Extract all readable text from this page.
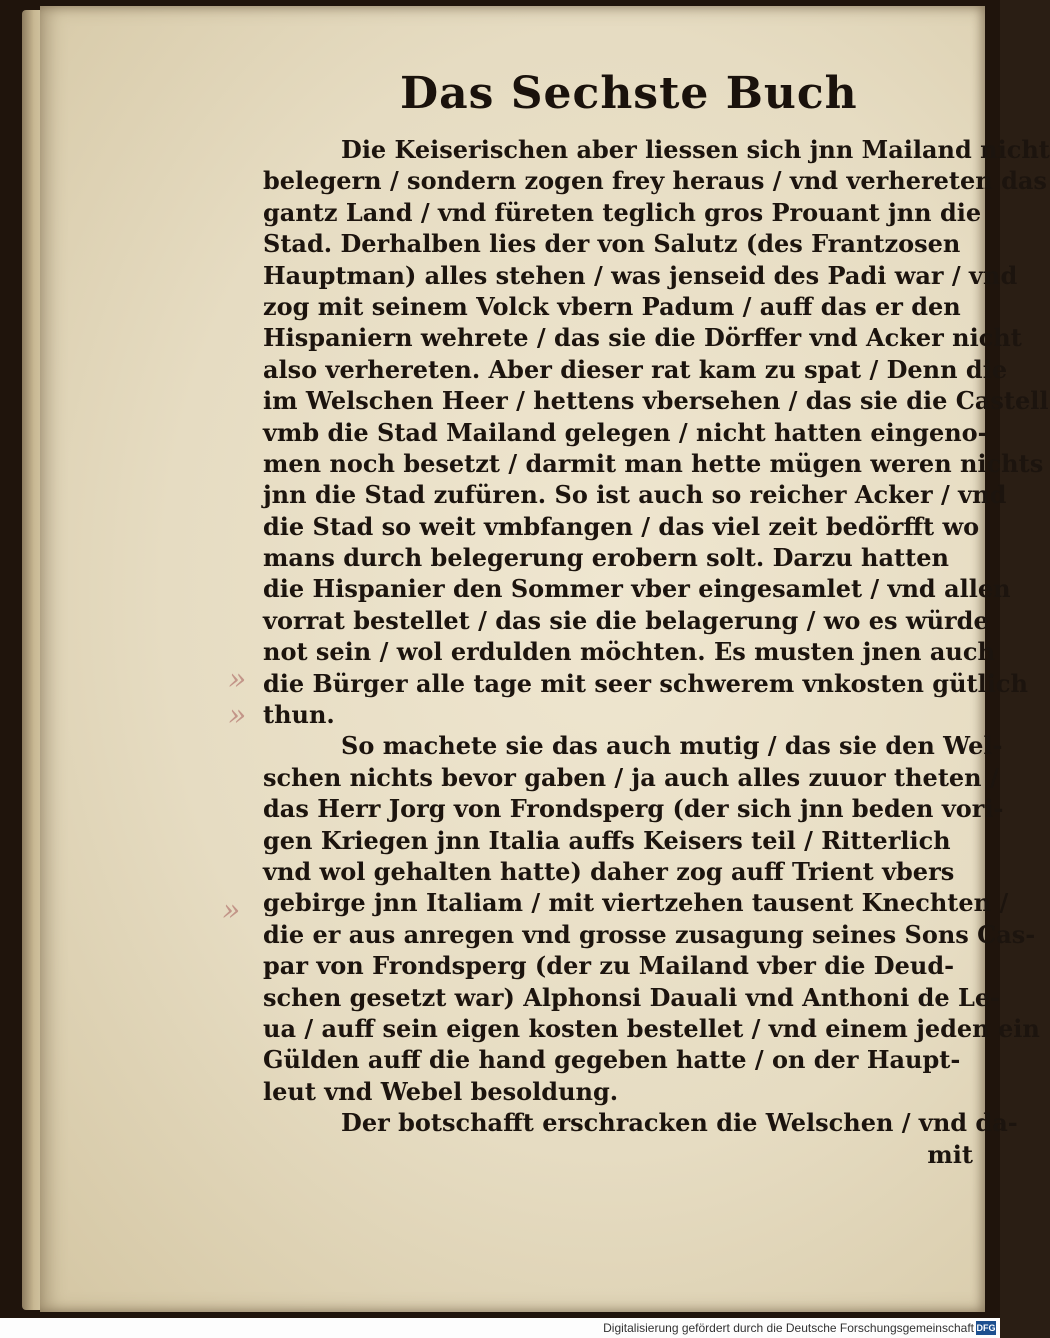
Das Sechste Buch
»
»
»
Die Keiserischen aber liessen sich jnn Mailand nicht
belegern / sondern zogen frey heraus / vnd verhereten das
gantz Land / vnd füreten teglich gros Prouant jnn die
Stad. Derhalben lies der von Salutz (des Frantzosen
Hauptman) alles stehen / was jenseid des Padi war / vnd
zog mit seinem Volck vbern Padum / auff das er den
Hispaniern wehrete / das sie die Dörffer vnd Acker nicht
also verhereten. Aber dieser rat kam zu spat / Denn die
im Welschen Heer / hettens vbersehen / das sie die Castell
vmb die Stad Mailand gelegen / nicht hatten eingeno-
men noch besetzt / darmit man hette mügen weren nichts
jnn die Stad zufüren. So ist auch so reicher Acker / vnd
die Stad so weit vmbfangen / das viel zeit bedörfft wo
mans durch belegerung erobern solt. Darzu hatten
die Hispanier den Sommer vber eingesamlet / vnd allen
vorrat bestellet / das sie die belagerung / wo es würde
not sein / wol erdulden möchten. Es musten jnen auch
die Bürger alle tage mit seer schwerem vnkosten gütlich
thun.
So machete sie das auch mutig / das sie den Wel-
schen nichts bevor gaben / ja auch alles zuuor theten /
das Herr Jorg von Frondsperg (der sich jnn beden vori-
gen Kriegen jnn Italia auffs Keisers teil / Ritterlich
vnd wol gehalten hatte) daher zog auff Trient vbers
gebirge jnn Italiam / mit viertzehen tausent Knechten /
die er aus anregen vnd grosse zusagung seines Sons Cas-
par von Frondsperg (der zu Mailand vber die Deud-
schen gesetzt war) Alphonsi Dauali vnd Anthoni de Le-
ua / auff sein eigen kosten bestellet / vnd einem jeden ein
Gülden auff die hand gegeben hatte / on der Haupt-
leut vnd Webel besoldung.
Der botschafft erschracken die Welschen / vnd da-
mit
Digitalisierung gefördert durch die Deutsche Forschungsgemeinschaft DFG
